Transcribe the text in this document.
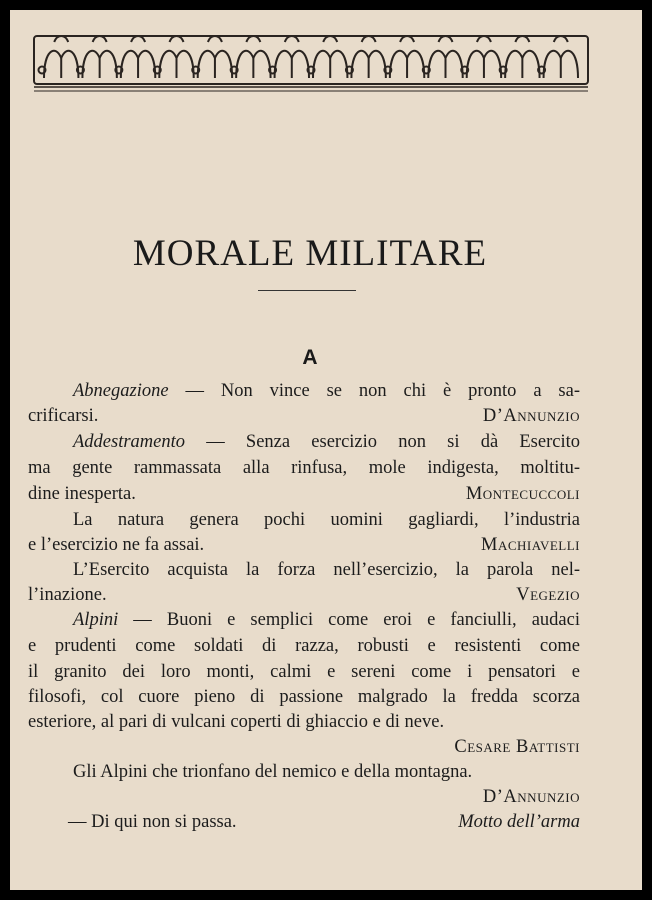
MORALE MILITARE
A
Abnegazione — Non vince se non chi è pronto a sa-
crificarsi.	D’Annunzio
Addestramento — Senza esercizio non si dà Esercito
ma gente rammassata alla rinfusa, mole indigesta, moltitu-
dine inesperta.	Montecuccoli
La natura genera pochi uomini gagliardi, l’industria
e l’esercizio ne fa assai.	Machiavelli
L’Esercito acquista la forza nell’esercizio, la parola nel-
l’inazione.	Vegezio
Alpini — Buoni e semplici come eroi e fanciulli, audaci
e prudenti come soldati di razza, robusti e resistenti come
il granito dei loro monti, calmi e sereni come i pensatori e
filosofi, col cuore pieno di passione malgrado la fredda scorza
esteriore, al pari di vulcani coperti di ghiaccio e di neve.
Cesare Battisti
Gli Alpini che trionfano del nemico e della montagna.
D’Annunzio
— Di qui non si passa.	Motto dell’arma
